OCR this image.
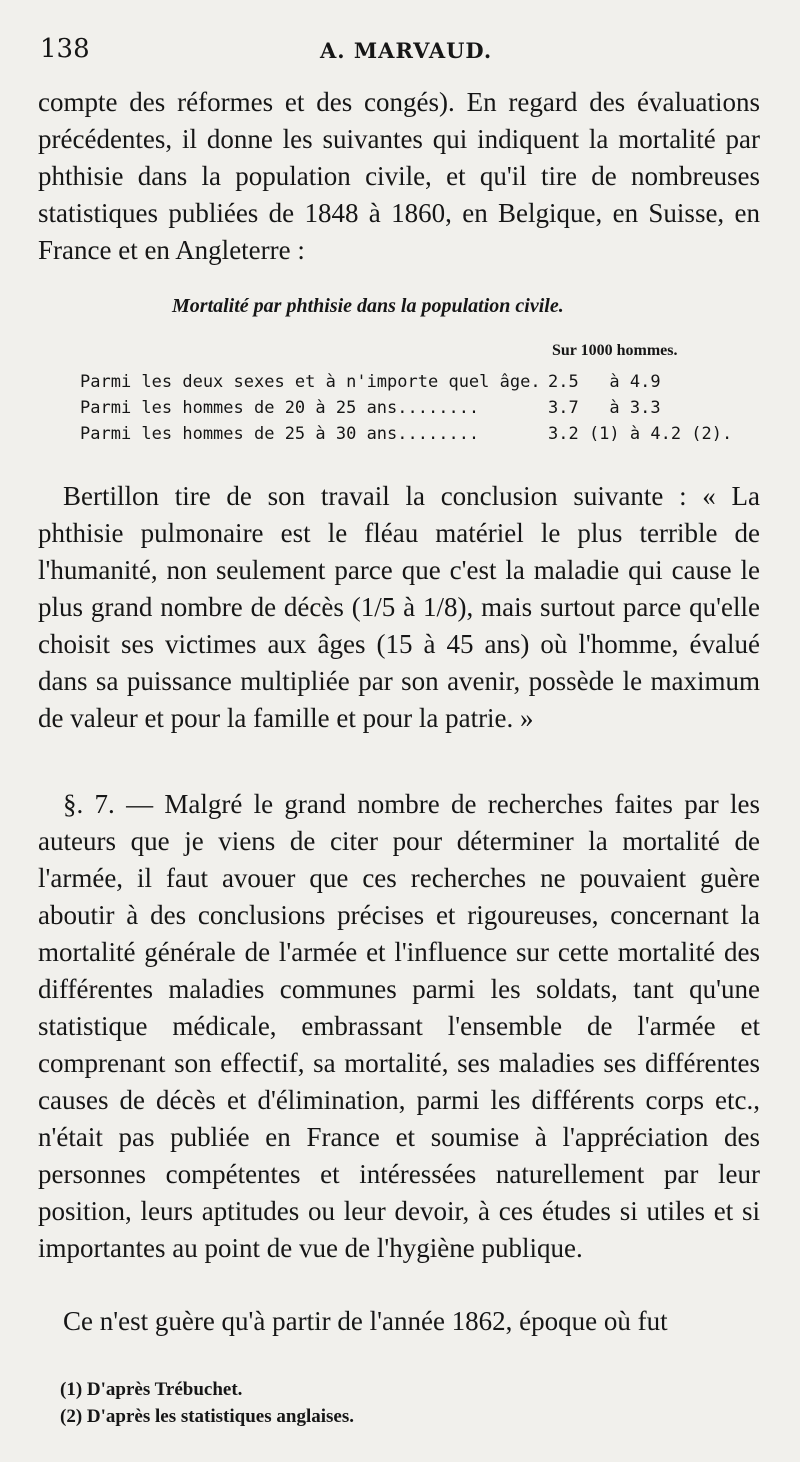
138	A. MARVAUD.

compte des réformes et des congés). En regard des évaluations précédentes, il donne les suivantes qui indiquent la mortalité par phthisie dans la population civile, et qu'il tire de nombreuses statistiques publiées de 1848 à 1860, en Belgique, en Suisse, en France et en Angleterre :

Mortalité par phthisie dans la population civile.
Sur 1000 hommes.
Parmi les deux sexes et à n'importe quel âge. 2.5   à 4.9
Parmi les hommes de 20 à 25 ans........	3.7   à 3.3
Parmi les hommes de 25 à 30 ans........	3.2 (1) à 4.2 (2).

Bertillon tire de son travail la conclusion suivante : « La phthisie pulmonaire est le fléau matériel le plus terrible de l'humanité, non seulement parce que c'est la maladie qui cause le plus grand nombre de décès (1/5 à 1/8), mais surtout parce qu'elle choisit ses victimes aux âges (15 à 45 ans) où l'homme, évalué dans sa puissance multipliée par son avenir, possède le maximum de valeur et pour la famille et pour la patrie. »

§. 7. — Malgré le grand nombre de recherches faites par les auteurs que je viens de citer pour déterminer la mortalité de l'armée, il faut avouer que ces recherches ne pouvaient guère aboutir à des conclusions précises et rigoureuses, concernant la mortalité générale de l'armée et l'influence sur cette mortalité des différentes maladies communes parmi les soldats, tant qu'une statistique médicale, embrassant l'ensemble de l'armée et comprenant son effectif, sa mortalité, ses maladies ses différentes causes de décès et d'élimination, parmi les différents corps etc., n'était pas publiée en France et soumise à l'appréciation des personnes compétentes et intéressées naturellement par leur position, leurs aptitudes ou leur devoir, à ces études si utiles et si importantes au point de vue de l'hygiène publique.

Ce n'est guère qu'à partir de l'année 1862, époque où fut

(1) D'après Trébuchet.
(2) D'après les statistiques anglaises.
